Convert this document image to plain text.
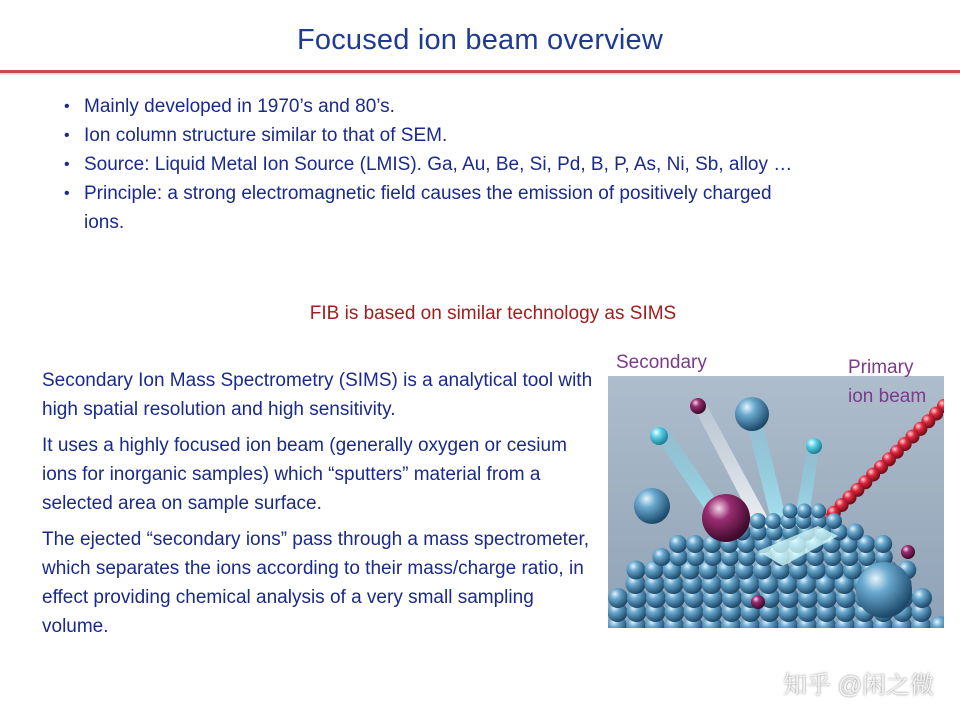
Focused ion beam overview
• Mainly developed in 1970’s and 80’s.
• Ion column structure similar to that of SEM.
• Source: Liquid Metal Ion Source (LMIS). Ga, Au, Be, Si, Pd, B, P, As, Ni, Sb, alloy …
• Principle: a strong electromagnetic field causes the emission of positively charged ions.
FIB is based on similar technology as SIMS

Secondary Ion Mass Spectrometry (SIMS) is a analytical tool with high spatial resolution and high sensitivity.

It uses a highly focused ion beam (generally oxygen or cesium ions for inorganic samples) which “sputters” material from a selected area on sample surface.

The ejected “secondary ions” pass through a mass spectrometer, which separates the ions according to their mass/charge ratio, in effect providing chemical analysis of a very small sampling volume.

Secondary	Primary
ion beam
知乎 @闲之微
